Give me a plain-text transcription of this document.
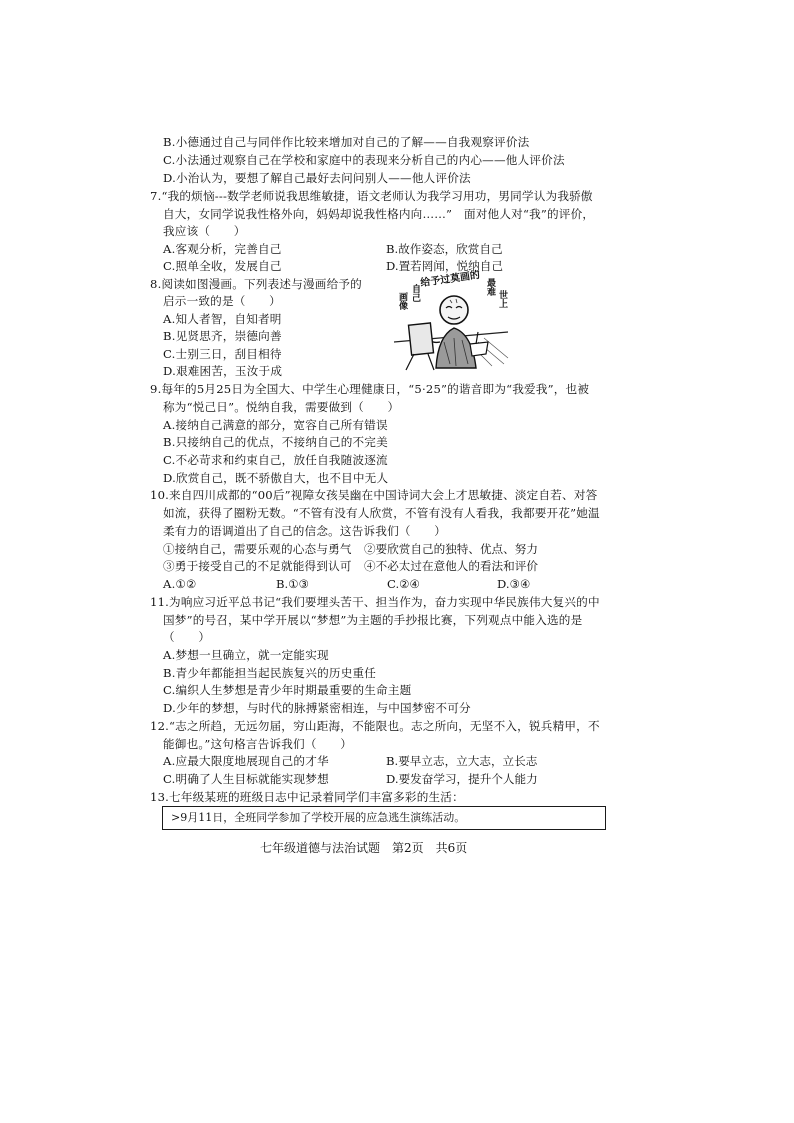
B.小德通过自己与同伴作比较来增加对自己的了解——自我观察评价法
C.小法通过观察自己在学校和家庭中的表现来分析自己的内心——他人评价法
D.小治认为，要想了解自己最好去问问别人——他人评价法
7.“我的烦恼---数学老师说我思维敏捷，语文老师认为我学习用功，男同学认为我骄傲
自大，女同学说我性格外向，妈妈却说我性格内向……”　面对他人对“我”的评价，
我应该（　　）
A.客观分析，完善自己	B.故作姿态，欣赏自己
C.照单全收，发展自己	D.置若罔闻，悦纳自己
8.阅读如图漫画。下列表述与漫画给予的
启示一致的是（　　）
A.知人者智，自知者明
B.见贤思齐，崇德向善
C.士别三日，刮目相待
D.艰难困苦，玉汝于成
给予过莫画的
画像 自己	最难
世上
9.每年的5月25日为全国大、中学生心理健康日，“5·25”的谐音即为“我爱我”，也被
称为“悦己日”。悦纳自我，需要做到（　　）
A.接纳自己满意的部分，宽容自己所有错误
B.只接纳自己的优点，不接纳自己的不完美
C.不必苛求和约束自己，放任自我随波逐流
D.欣赏自己，既不骄傲自大，也不目中无人
10.来自四川成都的“00后”视障女孩吴幽在中国诗词大会上才思敏捷、淡定自若、对答
如流，获得了圈粉无数。“不管有没有人欣赏，不管有没有人看我，我都要开花”她温
柔有力的语调道出了自己的信念。这告诉我们（　　）
①接纳自己，需要乐观的心态与勇气 ②要欣赏自己的独特、优点、努力
③勇于接受自己的不足就能得到认可 ④不必太过在意他人的看法和评价
A.①②	B.①③	C.②④	D.③④
11.为响应习近平总书记“我们要埋头苦干、担当作为，奋力实现中华民族伟大复兴的中
国梦”的号召，某中学开展以“梦想”为主题的手抄报比赛，下列观点中能入选的是
（　　）
A.梦想一旦确立，就一定能实现
B.青少年都能担当起民族复兴的历史重任
C.编织人生梦想是青少年时期最重要的生命主题
D.少年的梦想，与时代的脉搏紧密相连，与中国梦密不可分
12.“志之所趋，无远勿届，穷山距海，不能限也。志之所向，无坚不入，锐兵精甲，不
能御也。”这句格言告诉我们（　　）
A.应最大限度地展现自己的才华	B.要早立志，立大志，立长志
C.明确了人生目标就能实现梦想	D.要发奋学习，提升个人能力
13.七年级某班的班级日志中记录着同学们丰富多彩的生活：
>9月11日，全班同学参加了学校开展的应急逃生演练活动。
七年级道德与法治试题　第2页　共6页
